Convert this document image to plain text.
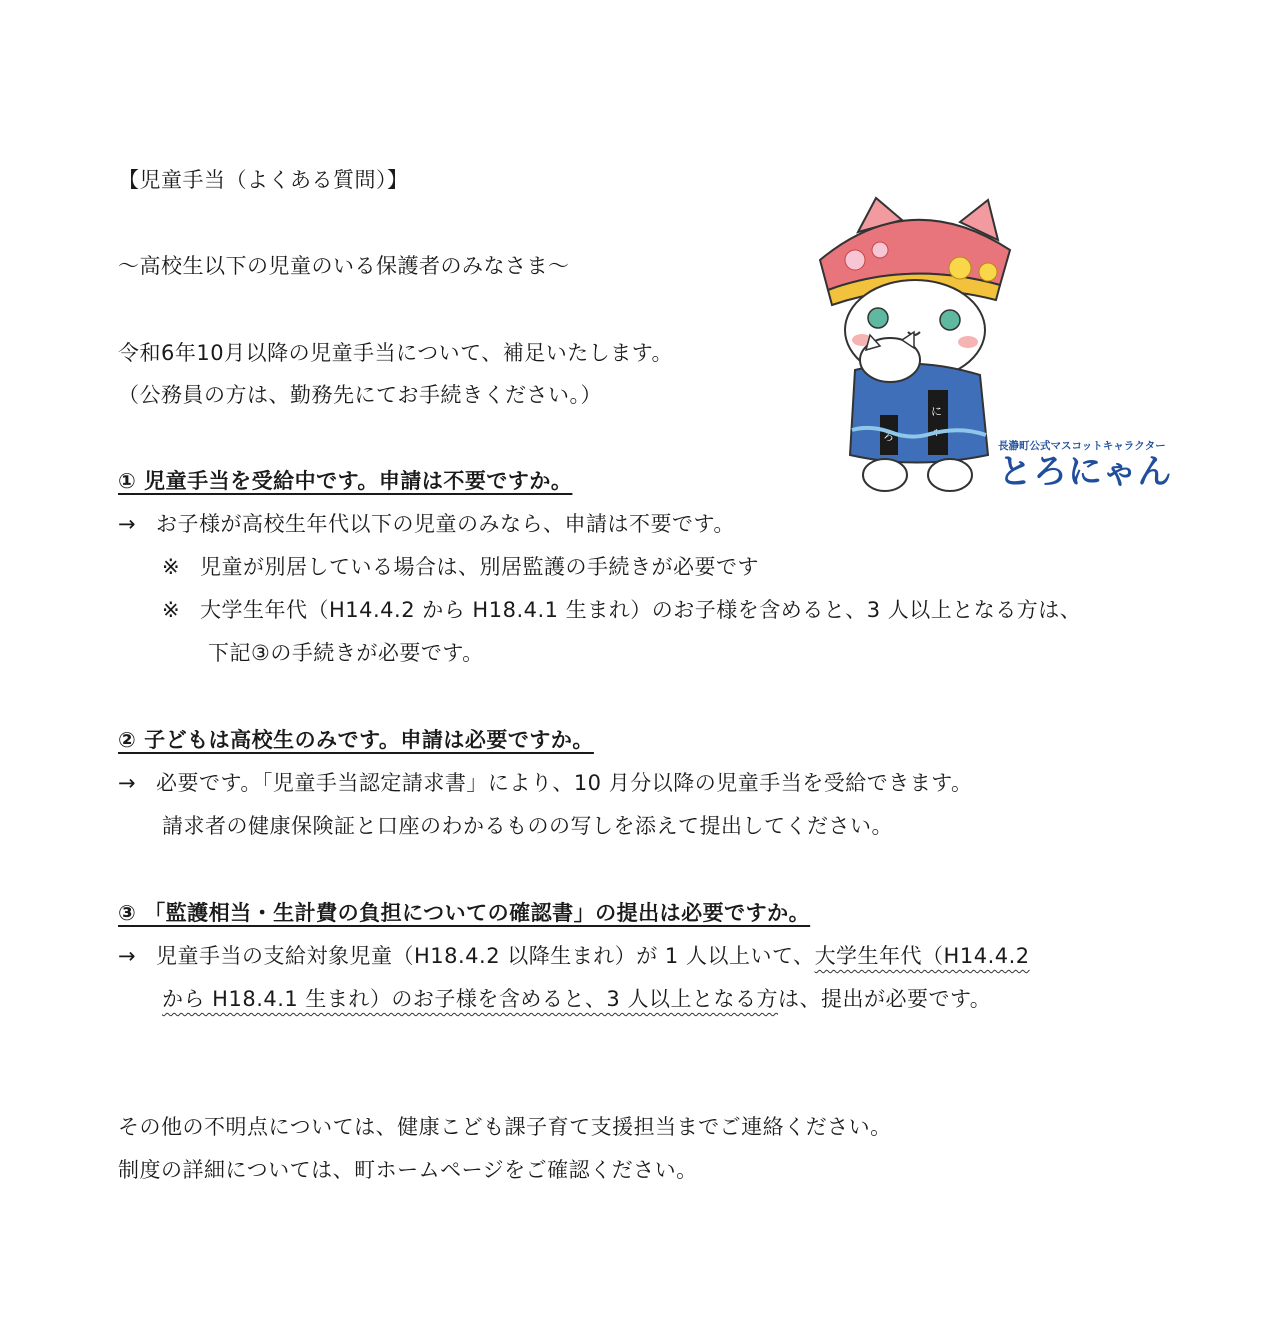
【児童手当（よくある質問）】
～高校生以下の児童のいる保護者のみなさま～
令和6年10月以降の児童手当について、補足いたします。
（公務員の方は、勤務先にてお手続きください。）
① 児童手当を受給中です。申請は不要ですか。
→ お子様が高校生年代以下の児童のみなら、申請は不要です。
※ 児童が別居している場合は、別居監護の手続きが必要です
※ 大学生年代（H14.4.2 から H18.4.1 生まれ）のお子様を含めると、3 人以上となる方は、
下記③の手続きが必要です。
② 子どもは高校生のみです。申請は必要ですか。
→ 必要です。「児童手当認定請求書」により、10 月分以降の児童手当を受給できます。
請求者の健康保険証と口座のわかるものの写しを添えて提出してください。
③ 「監護相当・生計費の負担についての確認書」の提出は必要ですか。
→ 児童手当の支給対象児童（H18.4.2 以降生まれ）が 1 人以上いて、大学生年代（H14.4.2
から H18.4.1 生まれ）のお子様を含めると、3 人以上となる方は、提出が必要です。
その他の不明点については、健康こども課子育て支援担当までご連絡ください。
制度の詳細については、町ホームページをご確認ください。
に
ゃ
ろ
長瀞町公式マスコットキャラクター
とろにゃん
